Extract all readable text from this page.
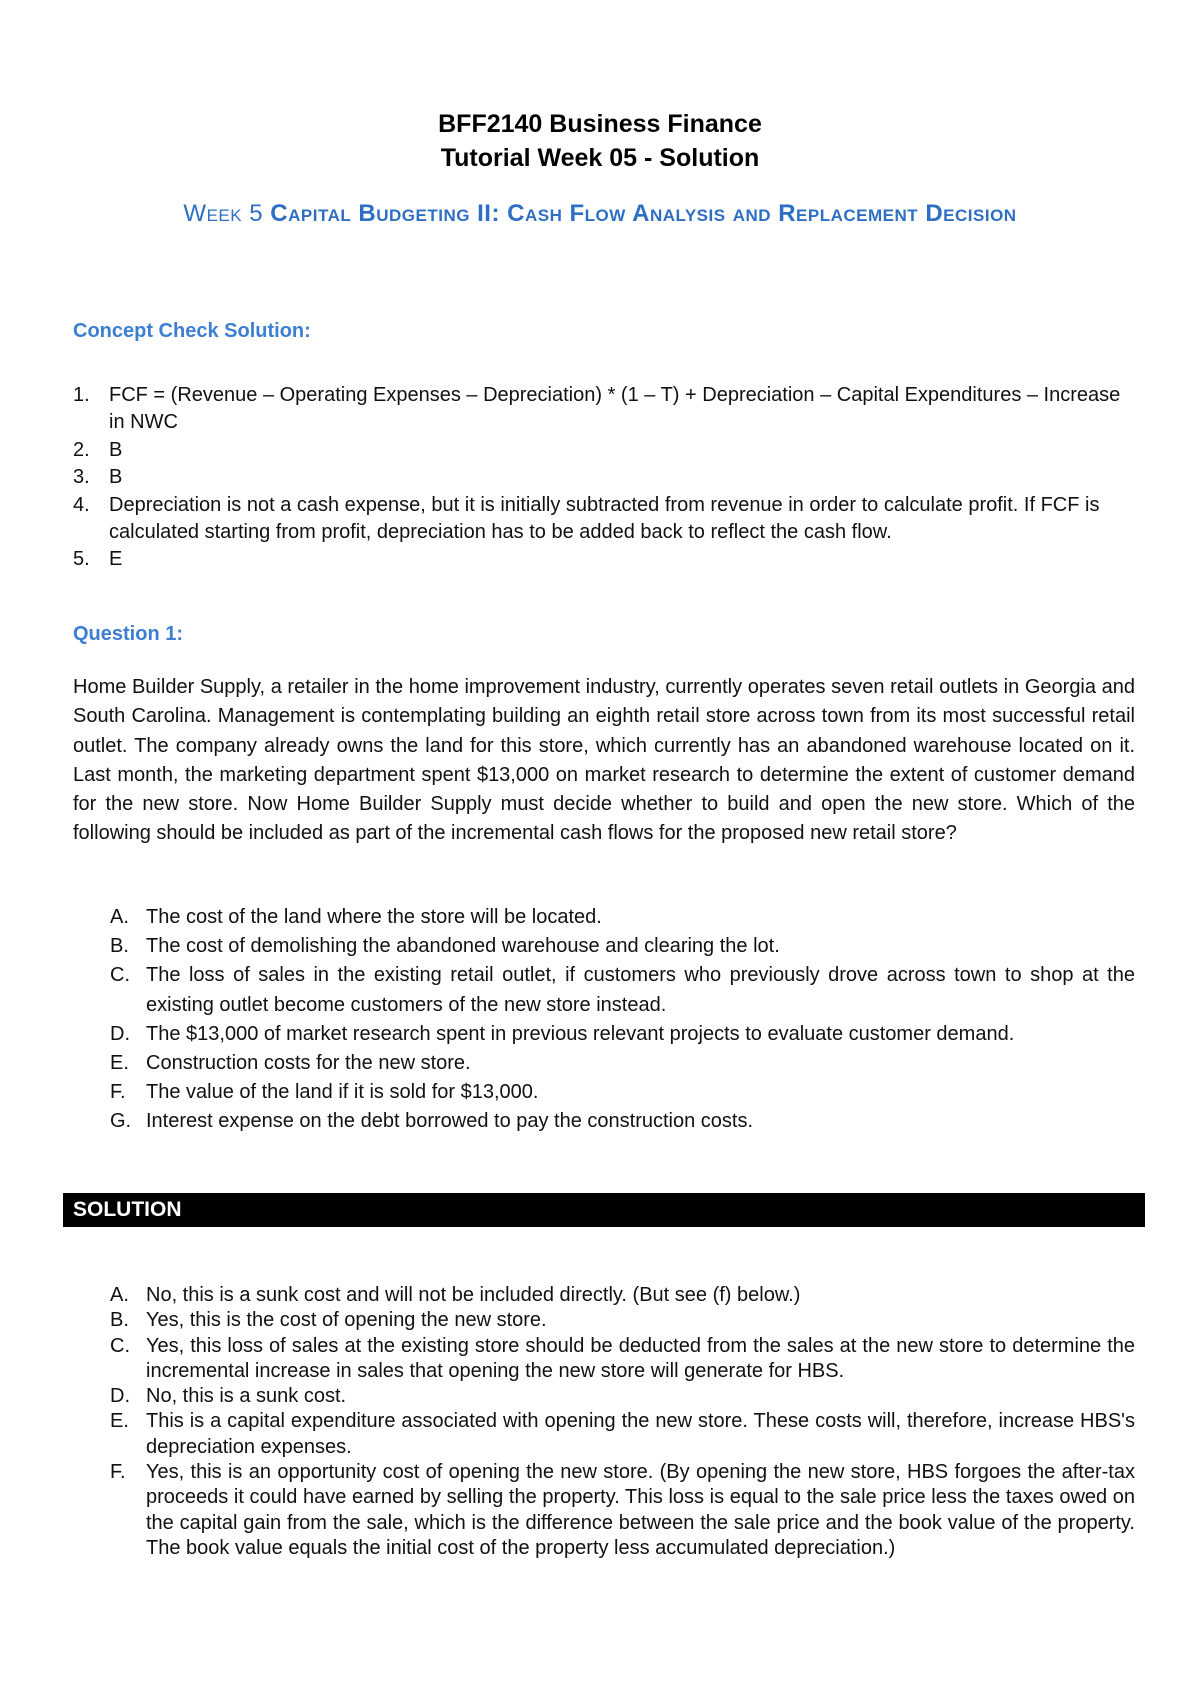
BFF2140 Business Finance
Tutorial Week 05 - Solution
Week 5 Capital Budgeting II: Cash Flow Analysis and Replacement Decision
Concept Check Solution:
1. FCF = (Revenue – Operating Expenses – Depreciation) * (1 – T) + Depreciation – Capital Expenditures – Increase in NWC
2. B
3. B
4. Depreciation is not a cash expense, but it is initially subtracted from revenue in order to calculate profit. If FCF is calculated starting from profit, depreciation has to be added back to reflect the cash flow.
5. E
Question 1:

Home Builder Supply, a retailer in the home improvement industry, currently operates seven retail outlets in Georgia and South Carolina. Management is contemplating building an eighth retail store across town from its most successful retail outlet. The company already owns the land for this store, which currently has an abandoned warehouse located on it. Last month, the marketing department spent $13,000 on market research to determine the extent of customer demand for the new store. Now Home Builder Supply must decide whether to build and open the new store. Which of the following should be included as part of the incremental cash flows for the proposed new retail store?

A. The cost of the land where the store will be located.
B. The cost of demolishing the abandoned warehouse and clearing the lot.
C. The loss of sales in the existing retail outlet, if customers who previously drove across town to shop at the existing outlet become customers of the new store instead.
D. The $13,000 of market research spent in previous relevant projects to evaluate customer demand.
E. Construction costs for the new store.
F. The value of the land if it is sold for $13,000.
G. Interest expense on the debt borrowed to pay the construction costs.
SOLUTION
A. No, this is a sunk cost and will not be included directly. (But see (f) below.)
B. Yes, this is the cost of opening the new store.
C. Yes, this loss of sales at the existing store should be deducted from the sales at the new store to determine the incremental increase in sales that opening the new store will generate for HBS.
D. No, this is a sunk cost.
E. This is a capital expenditure associated with opening the new store. These costs will, therefore, increase HBS's depreciation expenses.
F. Yes, this is an opportunity cost of opening the new store. (By opening the new store, HBS forgoes the after-tax proceeds it could have earned by selling the property. This loss is equal to the sale price less the taxes owed on the capital gain from the sale, which is the difference between the sale price and the book value of the property. The book value equals the initial cost of the property less accumulated depreciation.)
